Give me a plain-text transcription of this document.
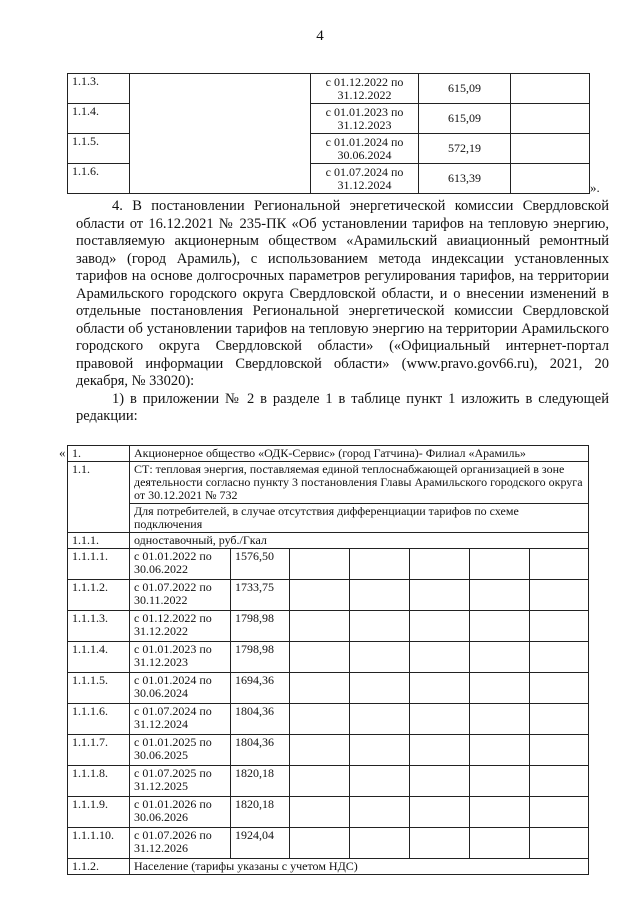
4
1.1.3.		с 01.12.2022 по 31.12.2022	615,09	
1.1.4.		с 01.01.2023 по 31.12.2023	615,09	
1.1.5.		с 01.01.2024 по 30.06.2024	572,19	
1.1.6.		с 01.07.2024 по 31.12.2024	613,39	
».

4. В постановлении Региональной энергетической комиссии Свердловской области от 16.12.2021 № 235-ПК «Об установлении тарифов на тепловую энергию, поставляемую акционерным обществом «Арамильский авиационный ремонтный завод» (город Арамиль), с использованием метода индексации установленных тарифов на основе долгосрочных параметров регулирования тарифов, на территории Арамильского городского округа Свердловской области, и о внесении изменений в отдельные постановления Региональной энергетической комиссии Свердловской области об установлении тарифов на тепловую энергию на территории Арамильского городского округа Свердловской области» («Официальный интернет-портал правовой информации Свердловской области» (www.pravo.gov66.ru), 2021, 20 декабря, № 33020):

1) в приложении № 2 в разделе 1 в таблице пункт 1 изложить в следующей редакции:

« 1.	Акционерное общество «ОДК-Сервис» (город Гатчина)- Филиал «Арамиль»						
1.1.	СТ: тепловая энергия, поставляемая единой теплоснабжающей организацией в зоне деятельности согласно пункту 3 постановления Главы Арамильского городского округа от 30.12.2021 № 732						
	Для потребителей, в случае отсутствия дифференциации тарифов по схеме подключения						
1.1.1.	одноставочный, руб./Гкал						
1.1.1.1.	с 01.01.2022 по 30.06.2022	1576,50					
1.1.1.2.	с 01.07.2022 по 30.11.2022	1733,75					
1.1.1.3.	с 01.12.2022 по 31.12.2022	1798,98					
1.1.1.4.	с 01.01.2023 по 31.12.2023	1798,98					
1.1.1.5.	с 01.01.2024 по 30.06.2024	1694,36					
1.1.1.6.	с 01.07.2024 по 31.12.2024	1804,36					
1.1.1.7.	с 01.01.2025 по 30.06.2025	1804,36					
1.1.1.8.	с 01.07.2025 по 31.12.2025	1820,18					
1.1.1.9.	с 01.01.2026 по 30.06.2026	1820,18					
1.1.1.10.	с 01.07.2026 по 31.12.2026	1924,04					
1.1.2.	Население (тарифы указаны с учетом НДС)						
